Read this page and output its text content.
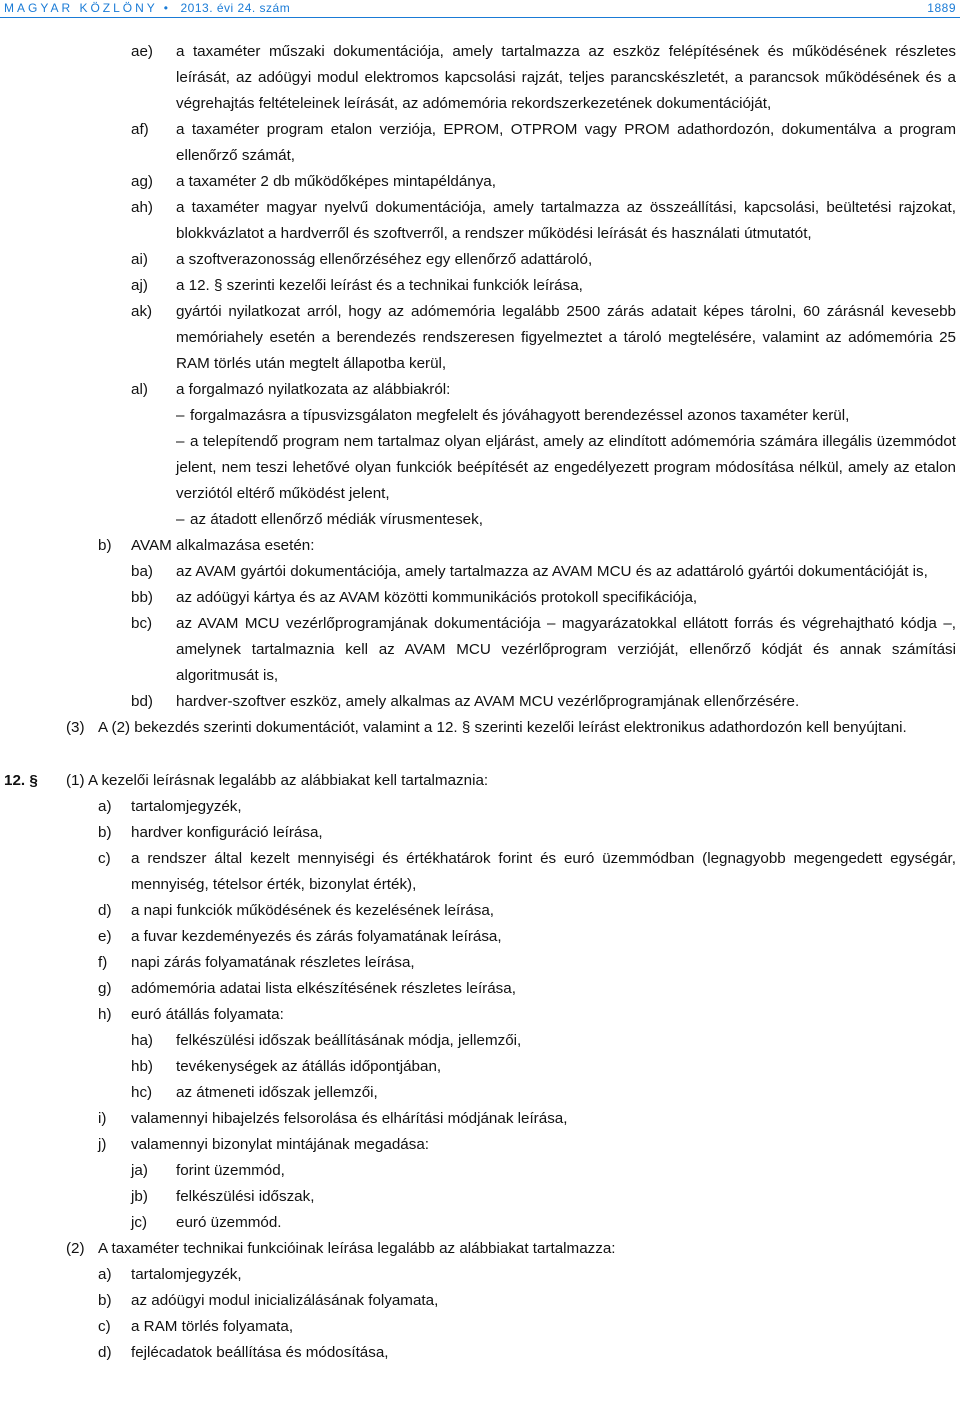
MAGYAR KÖZLÖNY • 2013. évi 24. szám	1889
ae) a taxaméter műszaki dokumentációja, amely tartalmazza az eszköz felépítésének és működésének részletes leírását, az adóügyi modul elektromos kapcsolási rajzát, teljes parancskészletét, a parancsok működésének és a végrehajtás feltételeinek leírását, az adómemória rekordszerkezetének dokumentációját,
af) a taxaméter program etalon verziója, EPROM, OTPROM vagy PROM adathordozón, dokumentálva a program ellenőrző számát,
ag) a taxaméter 2 db működőképes mintapéldánya,
ah) a taxaméter magyar nyelvű dokumentációja, amely tartalmazza az összeállítási, kapcsolási, beültetési rajzokat, blokkvázlatot a hardverről és szoftverről, a rendszer működési leírását és használati útmutatót,
ai) a szoftverazonosság ellenőrzéséhez egy ellenőrző adattároló,
aj) a 12. § szerinti kezelői leírást és a technikai funkciók leírása,
ak) gyártói nyilatkozat arról, hogy az adómemória legalább 2500 zárás adatait képes tárolni, 60 zárásnál kevesebb memóriahely esetén a berendezés rendszeresen figyelmeztet a tároló megtelésére, valamint az adómemória 25 RAM törlés után megtelt állapotba kerül,
al) a forgalmazó nyilatkozata az alábbiakról:
– forgalmazásra a típusvizsgálaton megfelelt és jóváhagyott berendezéssel azonos taxaméter kerül,
– a telepítendő program nem tartalmaz olyan eljárást, amely az elindított adómemória számára illegális üzemmódot jelent, nem teszi lehetővé olyan funkciók beépítését az engedélyezett program módosítása nélkül, amely az etalon verziótól eltérő működést jelent,
– az átadott ellenőrző médiák vírusmentesek,
b) AVAM alkalmazása esetén:
ba) az AVAM gyártói dokumentációja, amely tartalmazza az AVAM MCU és az adattároló gyártói dokumentációját is,
bb) az adóügyi kártya és az AVAM közötti kommunikációs protokoll specifikációja,
bc) az AVAM MCU vezérlőprogramjának dokumentációja – magyarázatokkal ellátott forrás és végrehajtható kódja –, amelynek tartalmaznia kell az AVAM MCU vezérlőprogram verzióját, ellenőrző kódját és annak számítási algoritmusát is,
bd) hardver-szoftver eszköz, amely alkalmas az AVAM MCU vezérlőprogramjának ellenőrzésére.
(3) A (2) bekezdés szerinti dokumentációt, valamint a 12. § szerinti kezelői leírást elektronikus adathordozón kell benyújtani.
12. § (1) A kezelői leírásnak legalább az alábbiakat kell tartalmaznia:
a) tartalomjegyzék,
b) hardver konfiguráció leírása,
c) a rendszer által kezelt mennyiségi és értékhatárok forint és euró üzemmódban (legnagyobb megengedett egységár, mennyiség, tételsor érték, bizonylat érték),
d) a napi funkciók működésének és kezelésének leírása,
e) a fuvar kezdeményezés és zárás folyamatának leírása,
f) napi zárás folyamatának részletes leírása,
g) adómemória adatai lista elkészítésének részletes leírása,
h) euró átállás folyamata:
ha) felkészülési időszak beállításának módja, jellemzői,
hb) tevékenységek az átállás időpontjában,
hc) az átmeneti időszak jellemzői,
i) valamennyi hibajelzés felsorolása és elhárítási módjának leírása,
j) valamennyi bizonylat mintájának megadása:
ja) forint üzemmód,
jb) felkészülési időszak,
jc) euró üzemmód.
(2) A taxaméter technikai funkcióinak leírása legalább az alábbiakat tartalmazza:
a) tartalomjegyzék,
b) az adóügyi modul inicializálásának folyamata,
c) a RAM törlés folyamata,
d) fejlécadatok beállítása és módosítása,
